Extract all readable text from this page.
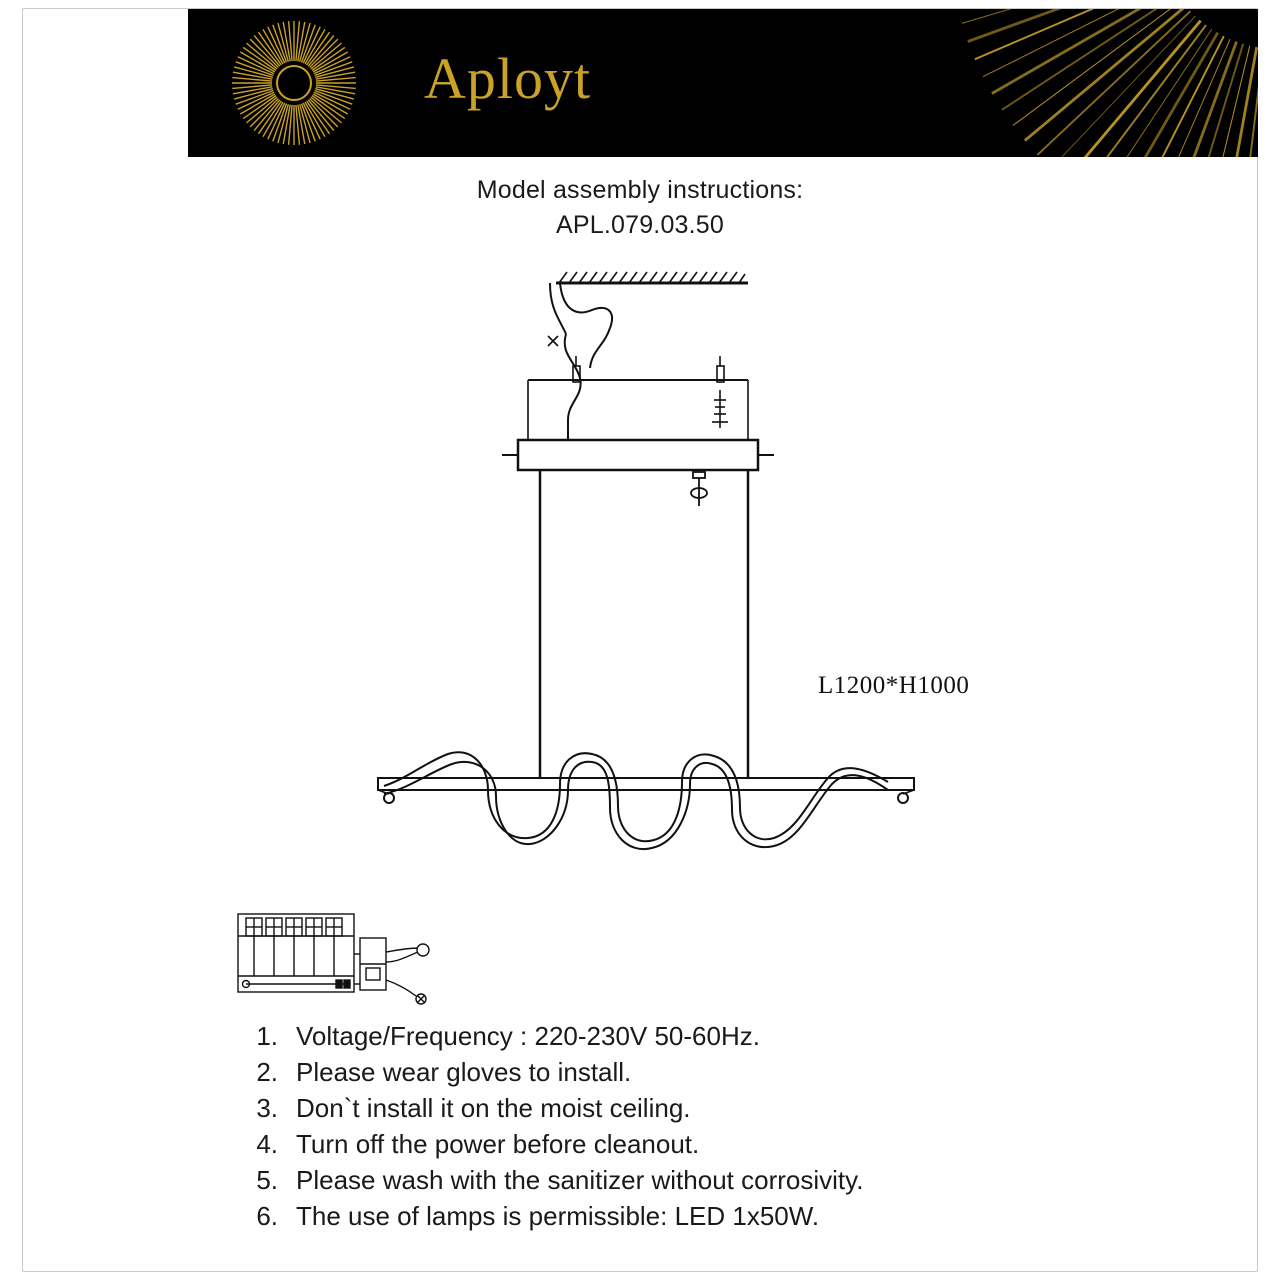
Aployt
Model assembly instructions:
APL.079.03.50
L1200*H1000
1. Voltage/Frequency : 220-230V 50-60Hz.
2. Please wear gloves to install.
3. Don`t install it on the moist ceiling.
4. Turn off the power before cleanout.
5. Please wash with the sanitizer without corrosivity.
6. The use of lamps is permissible: LED 1x50W.
